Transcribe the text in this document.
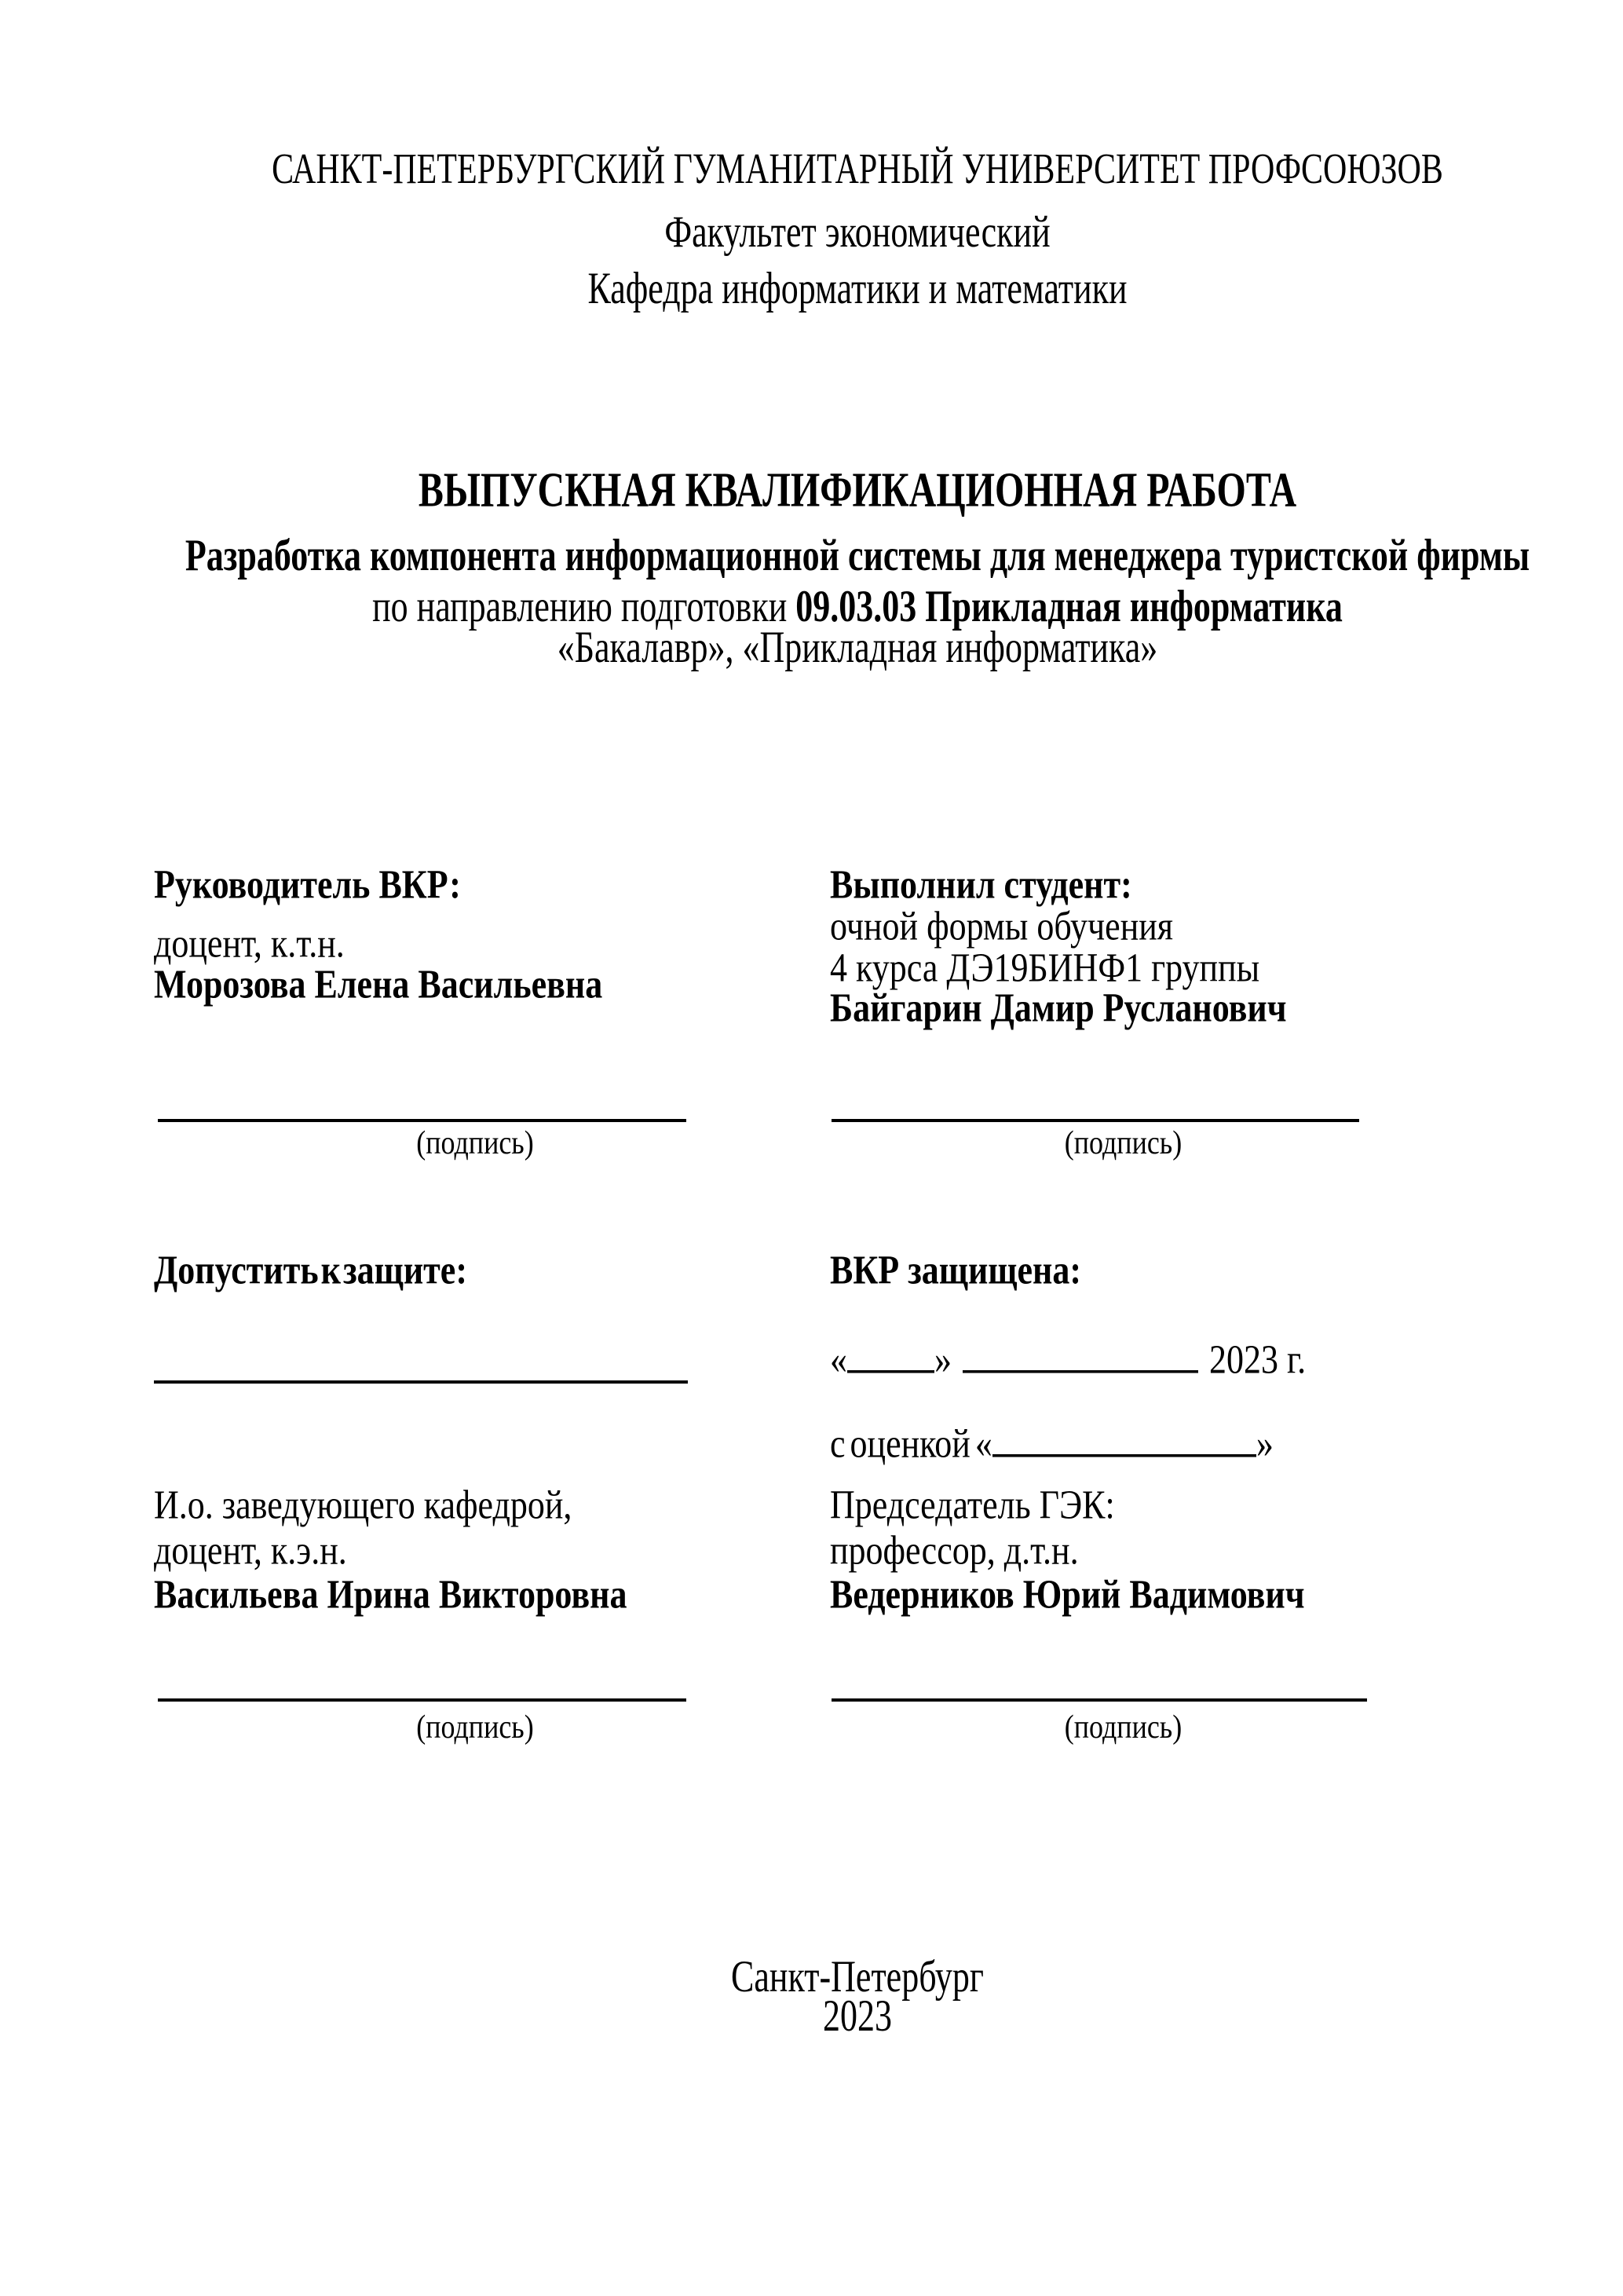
САНКТ-ПЕТЕРБУРГСКИЙ ГУМАНИТАРНЫЙ УНИВЕРСИТЕТ ПРОФСОЮЗОВ
Факультет экономический
Кафедра информатики и математики
ВЫПУСКНАЯ КВАЛИФИКАЦИОННАЯ РАБОТА
Разработка компонента информационной системы для менеджера туристской фирмы
по направлению подготовки 09.03.03 Прикладная информатика
«Бакалавр», «Прикладная информатика»
Руководитель ВКР:
доцент, к.т.н.
Морозова Елена Васильевна
(подпись)
Выполнил студент:
очной формы обучения
4 курса ДЭ19БИНФ1 группы
Байгарин Дамир Русланович
(подпись)
Допустить к защите:	ВКР защищена:
«	»	2023 г.
с оценкой «	»
И.о. заведующего кафедрой,
доцент, к.э.н.
Васильева Ирина Викторовна
(подпись)
Председатель ГЭК:
профессор, д.т.н.
Ведерников Юрий Вадимович
(подпись)
Санкт-Петербург
2023
